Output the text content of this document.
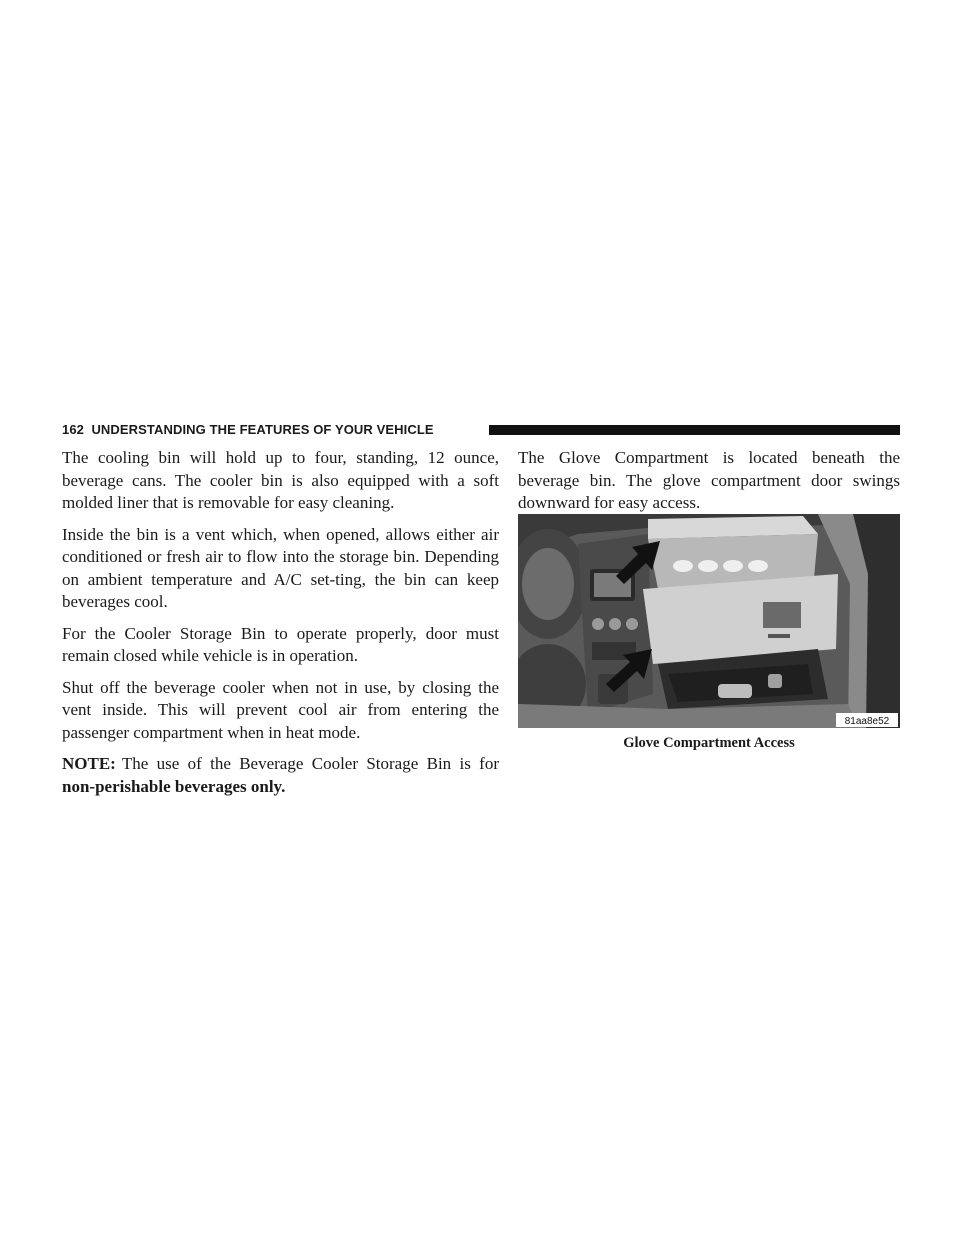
162 UNDERSTANDING THE FEATURES OF YOUR VEHICLE

The cooling bin will hold up to four, standing, 12 ounce, beverage cans. The cooler bin is also equipped with a soft molded liner that is removable for easy cleaning.

Inside the bin is a vent which, when opened, allows either air conditioned or fresh air to flow into the storage bin. Depending on ambient temperature and A/C set-ting, the bin can keep beverages cool.

For the Cooler Storage Bin to operate properly, door must remain closed while vehicle is in operation.

Shut off the beverage cooler when not in use, by closing the vent inside. This will prevent cool air from entering the passenger compartment when in heat mode.

NOTE: The use of the Beverage Cooler Storage Bin is for non-perishable beverages only.

The Glove Compartment is located beneath the beverage bin. The glove compartment door swings downward for easy access.

81aa8e52
Glove Compartment Access
